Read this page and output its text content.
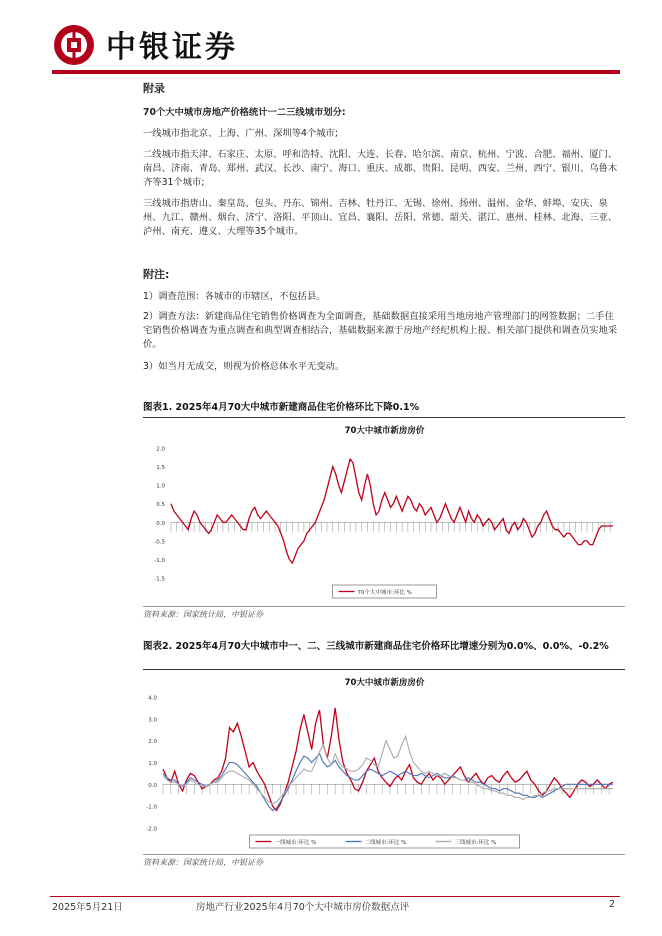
中银证券
附录
70个大中城市房地产价格统计一二三线城市划分:
一线城市指北京、上海、广州、深圳等4个城市;
二线城市指天津、石家庄、太原、呼和浩特、沈阳、大连、长春、哈尔滨、南京、杭州、宁波、合肥、福州、厦门、南昌、济南、青岛、郑州、武汉、长沙、南宁、海口、重庆、成都、贵阳、昆明、西安、兰州、西宁、银川、乌鲁木齐等31个城市;
三线城市指唐山、秦皇岛、包头、丹东、锦州、吉林、牡丹江、无锡、徐州、扬州、温州、金华、蚌埠、安庆、泉州、九江、赣州、烟台、济宁、洛阳、平顶山、宜昌、襄阳、岳阳、常德、韶关、湛江、惠州、桂林、北海、三亚、泸州、南充、遵义、大理等35个城市。
附注:
1）调查范围：各城市的市辖区，不包括县。
2）调查方法：新建商品住宅销售价格调查为全面调查，基础数据直接采用当地房地产管理部门的网签数据；二手住宅销售价格调查为重点调查和典型调查相结合，基础数据来源于房地产经纪机构上报、相关部门提供和调查员实地采价。
3）如当月无成交，则视为价格总体水平无变动。
图表1. 2025年4月70大中城市新建商品住宅价格环比下降0.1%
70大中城市新房房价
2.0
1.5
1.0
0.5
0.0
-0.5
-1.0
-1.5
70个大中城市:环比 %
资料来源：国家统计局，中银证券
图表2. 2025年4月70大中城市中一、二、三线城市新建商品住宅价格环比增速分别为0.0%、0.0%、-0.2%
70大中城市新房房价
4.0
3.0
2.0
1.0
0.0
-1.0
-2.0
一线城市:环比 %	二线城市:环比 %	三线城市:环比 %
资料来源：国家统计局，中银证券
2025年5月21日	房地产行业2025年4月70个大中城市房价数据点评	2
